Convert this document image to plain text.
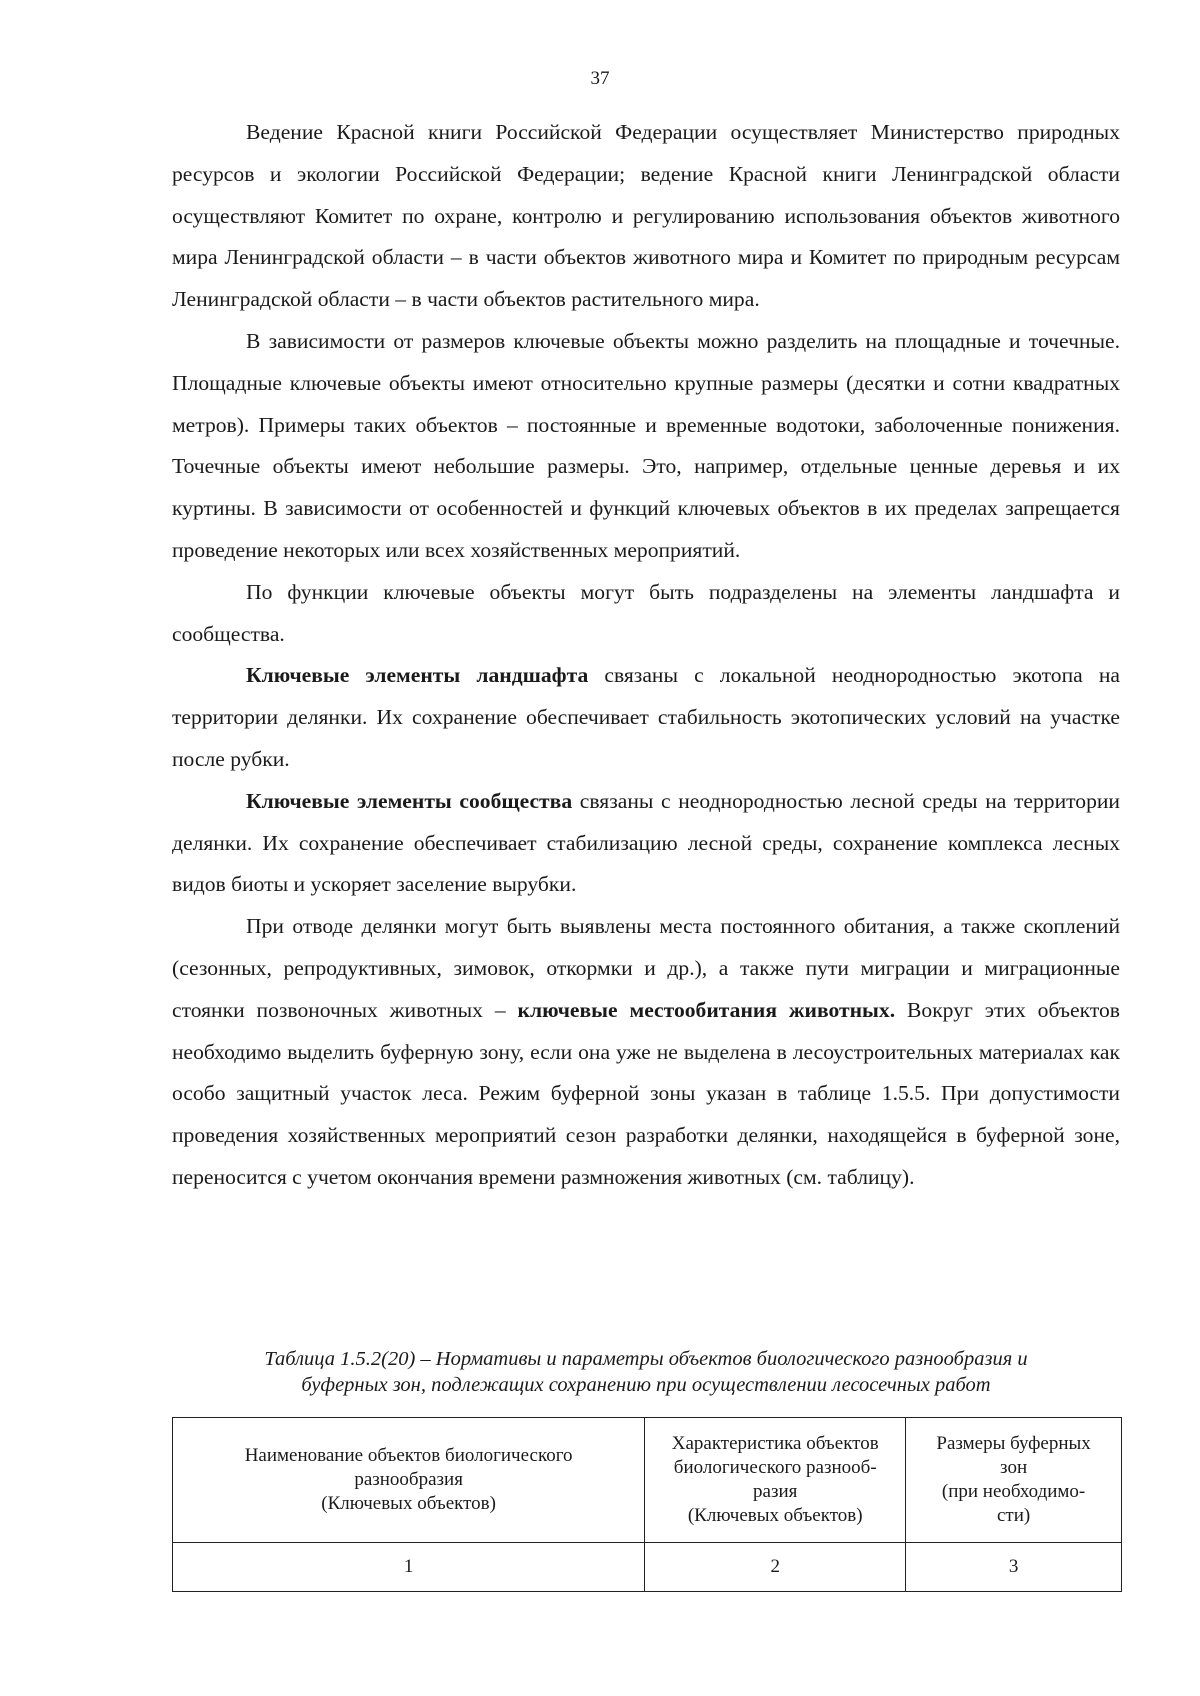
37

Ведение Красной книги Российской Федерации осуществляет Министерство природных ресурсов и экологии Российской Федерации; ведение Красной книги Ленинградской области осуществляют Комитет по охране, контролю и регулированию использования объектов животного мира Ленинградской области – в части объектов животного мира и Комитет по природным ресурсам Ленинградской области – в части объектов растительного мира.

В зависимости от размеров ключевые объекты можно разделить на площадные и точечные. Площадные ключевые объекты имеют относительно крупные размеры (десятки и сотни квадратных метров). Примеры таких объектов – постоянные и временные водотоки, заболоченные понижения. Точечные объекты имеют небольшие размеры. Это, например, отдельные ценные деревья и их куртины. В зависимости от особенностей и функций ключевых объектов в их пределах запрещается проведение некоторых или всех хозяйственных мероприятий.

По функции ключевые объекты могут быть подразделены на элементы ландшафта и сообщества.

Ключевые элементы ландшафта связаны с локальной неоднородностью экотопа на территории делянки. Их сохранение обеспечивает стабильность экотопических условий на участке после рубки.

Ключевые элементы сообщества связаны с неоднородностью лесной среды на территории делянки. Их сохранение обеспечивает стабилизацию лесной среды, сохранение комплекса лесных видов биоты и ускоряет заселение вырубки.

При отводе делянки могут быть выявлены места постоянного обитания, а также скоплений (сезонных, репродуктивных, зимовок, откормки и др.), а также пути миграции и миграционные стоянки позвоночных животных – ключевые местообитания животных. Вокруг этих объектов необходимо выделить буферную зону, если она уже не выделена в лесоустроительных материалах как особо защитный участок леса. Режим буферной зоны указан в таблице 1.5.5. При допустимости проведения хозяйственных мероприятий сезон разработки делянки, находящейся в буферной зоне, переносится с учетом окончания времени размножения животных (см. таблицу).

Таблица 1.5.2(20) – Нормативы и параметры объектов биологического разнообразия и
буферных зон, подлежащих сохранению при осуществлении лесосечных работ
Наименование объектов биологического
разнообразия
(Ключевых объектов)	Характеристика объектов
биологического разнооб-
разия
(Ключевых объектов)	Размеры буферных
зон
(при необходимо-
сти)

1	2	3
